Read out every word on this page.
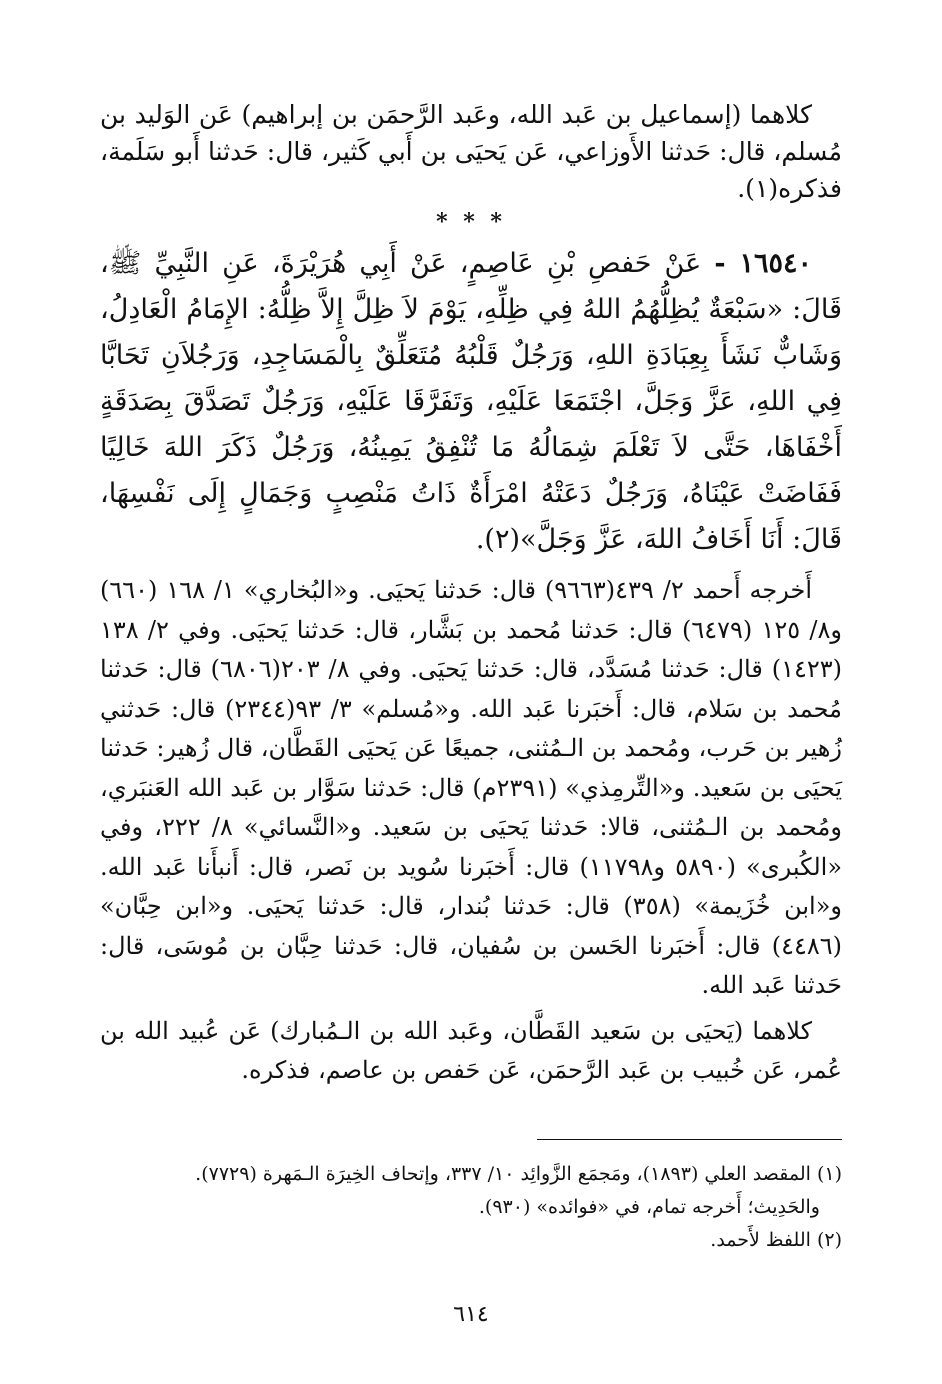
كلاهما (إسماعيل بن عَبد الله، وعَبد الرَّحمَن بن إبراهيم) عَن الوَليد بن مُسلم، قال: حَدثنا الأَوزاعي، عَن يَحيَى بن أَبي كَثير، قال: حَدثنا أَبو سَلَمة، فذكره(١).

* * *

١٦٥٤٠ - عَنْ حَفصِ بْنِ عَاصِمٍ، عَنْ أَبِي هُرَيْرَةَ، عَنِ النَّبِيِّ ﷺ، قَالَ: «سَبْعَةٌ يُظِلُّهُمُ اللهُ فِي ظِلِّهِ، يَوْمَ لاَ ظِلَّ إِلاَّ ظِلُّهُ: الإِمَامُ الْعَادِلُ، وَشَابٌّ نَشَأَ بِعِبَادَةِ اللهِ، وَرَجُلٌ قَلْبُهُ مُتَعَلِّقٌ بِالْمَسَاجِدِ، وَرَجُلاَنِ تَحَابَّا فِي اللهِ، عَزَّ وَجَلَّ، اجْتَمَعَا عَلَيْهِ، وَتَفَرَّقَا عَلَيْهِ، وَرَجُلٌ تَصَدَّقَ بِصَدَقَةٍ أَخْفَاهَا، حَتَّى لاَ تَعْلَمَ شِمَالُهُ مَا تُنْفِقُ يَمِينُهُ، وَرَجُلٌ ذَكَرَ اللهَ خَالِيًا فَفَاضَتْ عَيْنَاهُ، وَرَجُلٌ دَعَتْهُ امْرَأَةٌ ذَاتُ مَنْصِبٍ وَجَمَالٍ إِلَى نَفْسِهَا، قَالَ: أَنَا أَخَافُ اللهَ، عَزَّ وَجَلَّ»(٢).

أَخرجه أَحمد ٢/ ٤٣٩(٩٦٦٣) قال: حَدثنا يَحيَى. و«البُخاري» ١/ ١٦٨ (٦٦٠) و٨/ ١٢٥ (٦٤٧٩) قال: حَدثنا مُحمد بن بَشَّار، قال: حَدثنا يَحيَى. وفي ٢/ ١٣٨ (١٤٢٣) قال: حَدثنا مُسَدَّد، قال: حَدثنا يَحيَى. وفي ٨/ ٢٠٣(٦٨٠٦) قال: حَدثنا مُحمد بن سَلام، قال: أَخبَرنا عَبد الله. و«مُسلم» ٣/ ٩٣(٢٣٤٤) قال: حَدثني زُهير بن حَرب، ومُحمد بن الـمُثنى، جميعًا عَن يَحيَى القَطَّان، قال زُهير: حَدثنا يَحيَى بن سَعيد. و«التِّرمِذي» (٢٣٩١م) قال: حَدثنا سَوَّار بن عَبد الله العَنبَري، ومُحمد بن الـمُثنى، قالا: حَدثنا يَحيَى بن سَعيد. و«النَّسائي» ٨/ ٢٢٢، وفي «الكُبرى» (٥٨٩٠ و١١٧٩٨) قال: أَخبَرنا سُويد بن نَصر، قال: أَنبأَنا عَبد الله. و«ابن خُزَيمة» (٣٥٨) قال: حَدثنا بُندار، قال: حَدثنا يَحيَى. و«ابن حِبَّان» (٤٤٨٦) قال: أَخبَرنا الحَسن بن سُفيان، قال: حَدثنا حِبَّان بن مُوسَى، قال: حَدثنا عَبد الله.

كلاهما (يَحيَى بن سَعيد القَطَّان، وعَبد الله بن الـمُبارك) عَن عُبيد الله بن عُمر، عَن خُبيب بن عَبد الرَّحمَن، عَن حَفص بن عاصم، فذكره.

(١) المقصد العلي (١٨٩٣)، ومَجمَع الزَّوائِد ١٠/ ٣٣٧، وإتحاف الخِيرَة الـمَهرة (٧٧٢٩).

والحَدِيث؛ أَخرجه تمام، في «فوائده» (٩٣٠).

(٢) اللفظ لأَحمد.

٦١٤
